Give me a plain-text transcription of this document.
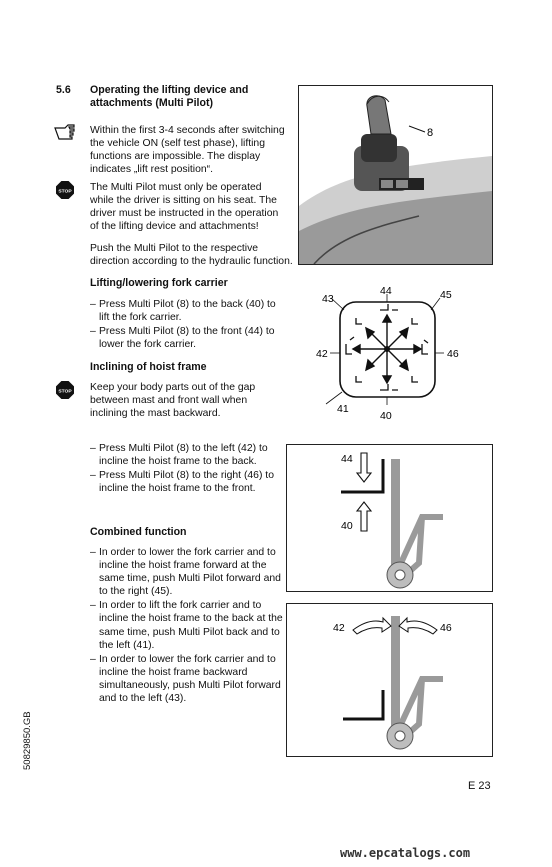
5.6 Operating the lifting device and attachments (Multi Pilot)
Within the first 3-4 seconds after switching the vehicle ON (self test phase), lifting functions are impossible. The display indicates „lift rest position“.
STOP The Multi Pilot must only be operated while the driver is sitting on his seat. The driver must be instructed in the operation of the lifting device and attachments!
Push the Multi Pilot to the respective direction according to the hydraulic function.
Lifting/lowering fork carrier
– Press Multi Pilot (8) to the back (40) to lift the fork carrier.
– Press Multi Pilot (8) to the front (44) to lower the fork carrier.
Inclining of hoist frame
STOP Keep your body parts out of the gap between mast and front wall when inclining the mast backward.
– Press Multi Pilot (8) to the left (42) to incline the hoist frame to the back.
– Press Multi Pilot (8) to the right (46) to incline the hoist frame to the front.
Combined function
– In order to lower the fork carrier and to incline the hoist frame forward at the same time, push Multi Pilot forward and to the right (45).
– In order to lift the fork carrier and to incline the hoist frame to the back at the same time, push Multi Pilot back and to the left (41).
– In order to lower the fork carrier and to incline the hoist frame backward simultaneously, push Multi Pilot forward and to the left (43).
8
44	45
43
42	46
41
40
44
40
42	46
50829850.GB
E 23
www.epcatalogs.com
